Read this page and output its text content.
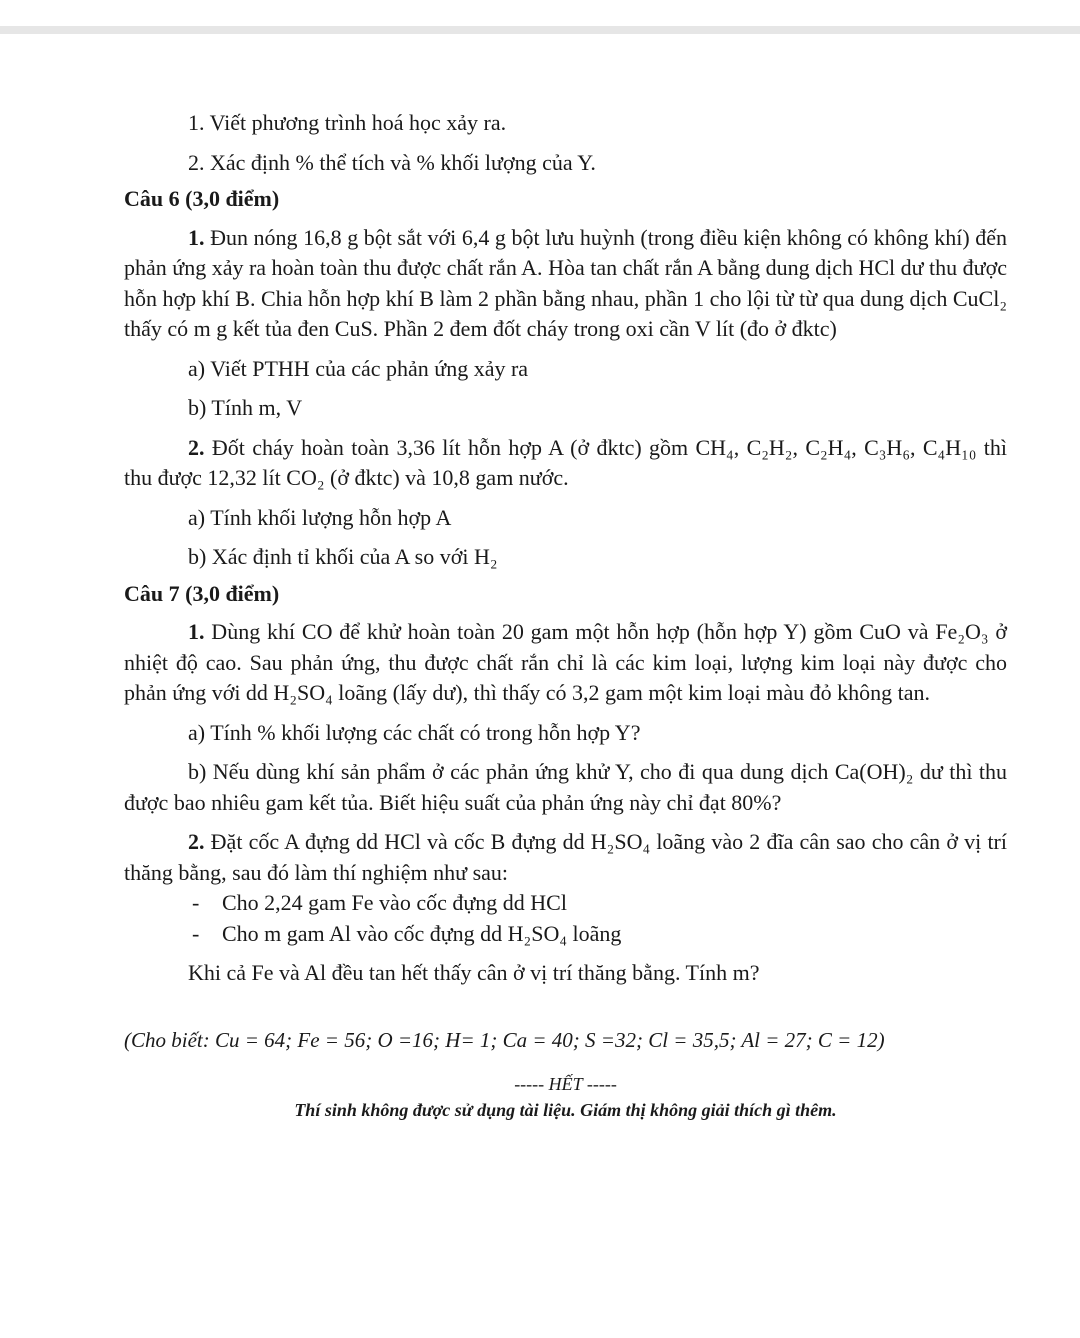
1. Viết phương trình hoá học xảy ra.

2. Xác định % thể tích và % khối lượng của Y.

Câu 6 (3,0 điểm)

1. Đun nóng 16,8 g bột sắt với 6,4 g bột lưu huỳnh (trong điều kiện không có không khí) đến phản ứng xảy ra hoàn toàn thu được chất rắn A. Hòa tan chất rắn A bằng dung dịch HCl dư thu được hỗn hợp khí B. Chia hỗn hợp khí B làm 2 phần bằng nhau, phần 1 cho lội từ từ qua dung dịch CuCl₂ thấy có m g kết tủa đen CuS. Phần 2 đem đốt cháy trong oxi cần V lít (đo ở đktc)

a) Viết PTHH của các phản ứng xảy ra

b) Tính m, V

2. Đốt cháy hoàn toàn 3,36 lít hỗn hợp A (ở đktc) gồm CH₄, C₂H₂, C₂H₄, C₃H₆, C₄H₁₀ thì thu được 12,32 lít CO₂ (ở đktc) và 10,8 gam nước.

a) Tính khối lượng hỗn hợp A

b) Xác định tỉ khối của A so với H₂

Câu 7 (3,0 điểm)

1. Dùng khí CO để khử hoàn toàn 20 gam một hỗn hợp (hỗn hợp Y) gồm CuO và Fe₂O₃ ở nhiệt độ cao. Sau phản ứng, thu được chất rắn chỉ là các kim loại, lượng kim loại này được cho phản ứng với dd H₂SO₄ loãng (lấy dư), thì thấy có 3,2 gam một kim loại màu đỏ không tan.

a) Tính % khối lượng các chất có trong hỗn hợp Y?

b) Nếu dùng khí sản phẩm ở các phản ứng khử Y, cho đi qua dung dịch Ca(OH)₂ dư thì thu được bao nhiêu gam kết tủa. Biết hiệu suất của phản ứng này chỉ đạt 80%?

2. Đặt cốc A đựng dd HCl và cốc B đựng dd H₂SO₄ loãng vào 2 đĩa cân sao cho cân ở vị trí thăng bằng, sau đó làm thí nghiệm như sau:

-	Cho 2,24 gam Fe vào cốc đựng dd HCl
-	Cho m gam Al vào cốc đựng dd H₂SO₄ loãng

Khi cả Fe và Al đều tan hết thấy cân ở vị trí thăng bằng. Tính m?

(Cho biết: Cu = 64; Fe = 56; O =16; H= 1; Ca = 40; S =32; Cl = 35,5; Al = 27; C = 12)

----- HẾT -----

Thí sinh không được sử dụng tài liệu. Giám thị không giải thích gì thêm.
